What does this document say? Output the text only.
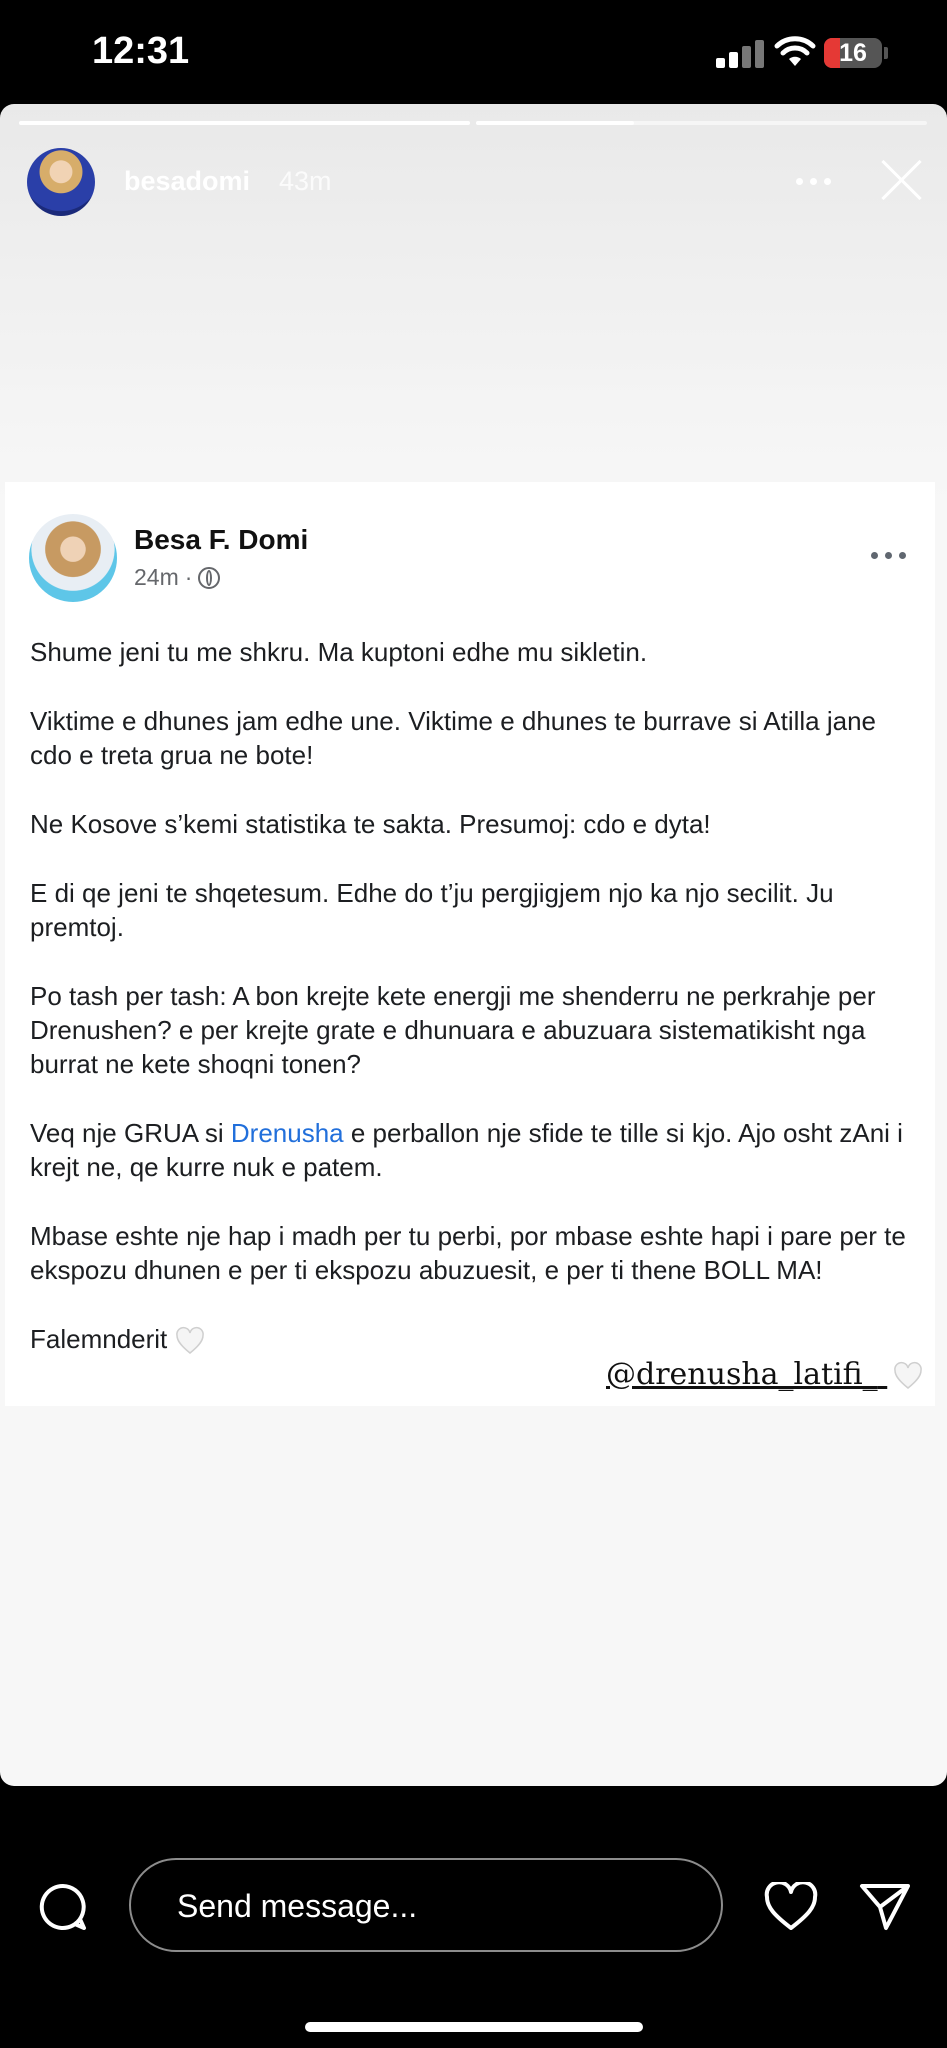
12:31	16
besadomi 43m
Besa F. Domi
24m ·

Shume jeni tu me shkru. Ma kuptoni edhe mu sikletin.

Viktime e dhunes jam edhe une. Viktime e dhunes te burrave si Atilla jane cdo e treta grua ne bote!

Ne Kosove s’kemi statistika te sakta. Presumoj: cdo e dyta!

E di qe jeni te shqetesum. Edhe do t’ju pergjigjem njo ka njo secilit. Ju premtoj.

Po tash per tash: A bon krejte kete energji me shenderru ne perkrahje per Drenushen? e per krejte grate e dhunuara e abuzuara sistematikisht nga burrat ne kete shoqni tonen?

Veq nje GRUA si Drenusha e perballon nje sfide te tille si kjo. Ajo osht zAni i krejt ne, qe kurre nuk e patem.

Mbase eshte nje hap i madh per tu perbi, por mbase eshte hapi i pare per te ekspozu dhunen e per ti ekspozu abuzuesit, e per ti thene BOLL MA!

Falemnderit

@drenusha_latifi_
Send message...
